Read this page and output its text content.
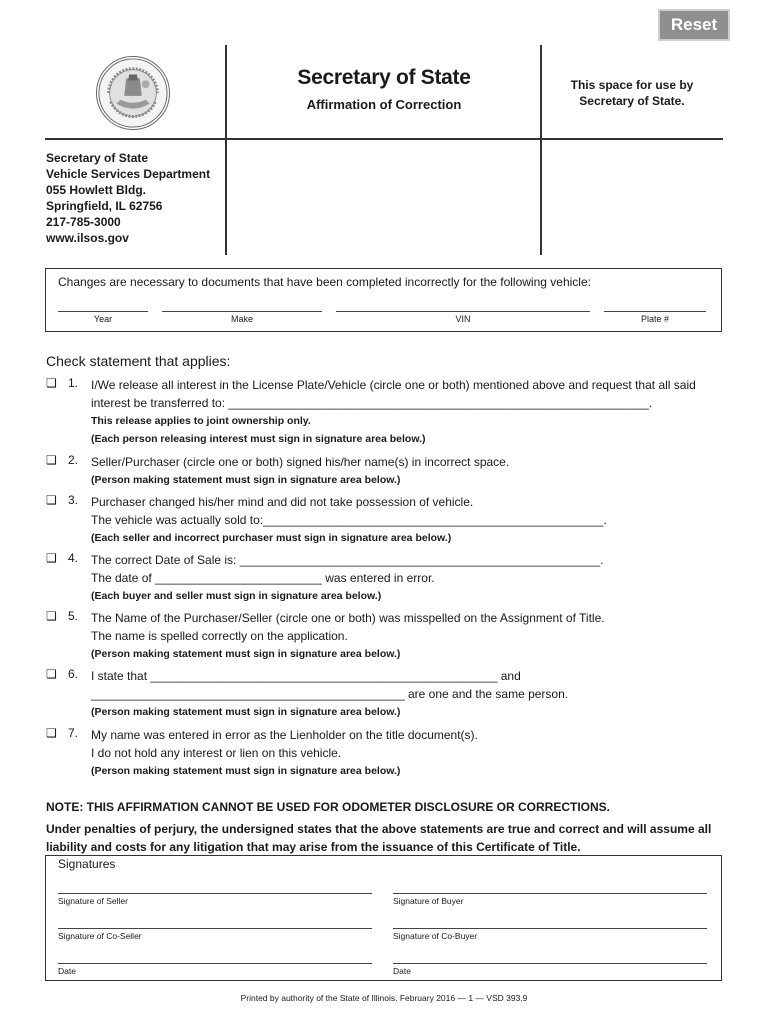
Reset
Secretary of State
Affirmation of Correction
This space for use by
Secretary of State.
Secretary of State
Vehicle Services Department
055 Howlett Bldg.
Springfield, IL 62756
217-785-3000
www.ilsos.gov
Changes are necessary to documents that have been completed incorrectly for the following vehicle:
Year	Make	VIN	Plate #
Check statement that applies:
❑ 1. I/We release all interest in the License Plate/Vehicle (circle one or both) mentioned above and request that all said
interest be transferred to: _______________________________________________________________.
This release applies to joint ownership only.
(Each person releasing interest must sign in signature area below.)
❑ 2. Seller/Purchaser (circle one or both) signed his/her name(s) in incorrect space.
(Person making statement must sign in signature area below.)
❑ 3. Purchaser changed his/her mind and did not take possession of vehicle.
The vehicle was actually sold to:___________________________________________________.
(Each seller and incorrect purchaser must sign in signature area below.)
❑ 4. The correct Date of Sale is: ______________________________________________________.
The date of _________________________ was entered in error.
(Each buyer and seller must sign in signature area below.)
❑ 5. The Name of the Purchaser/Seller (circle one or both) was misspelled on the Assignment of Title.
The name is spelled correctly on the application.
(Person making statement must sign in signature area below.)
❑ 6. I state that ____________________________________________________ and
_______________________________________________ are one and the same person.
(Person making statement must sign in signature area below.)
❑ 7. My name was entered in error as the Lienholder on the title document(s).
I do not hold any interest or lien on this vehicle.
(Person making statement must sign in signature area below.)
NOTE: THIS AFFIRMATION CANNOT BE USED FOR ODOMETER DISCLOSURE OR CORRECTIONS.
Under penalties of perjury, the undersigned states that the above statements are true and correct and will assume all liability and costs for any litigation that may arise from the issuance of this Certificate of Title.
Signatures
Signature of Seller	Signature of Buyer
Signature of Co-Seller	Signature of Co-Buyer
Date	Date
Printed by authority of the State of Illinois. February 2016 — 1 — VSD 393.9
